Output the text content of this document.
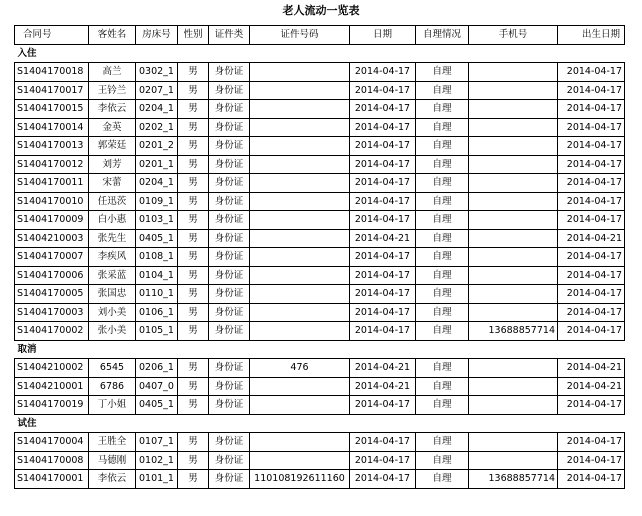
老人流动一览表
合同号	客姓名	房床号	性别	证件类	证件号码	日期	自理情况	手机号	出生日期
入住									
S1404170018	高兰	0302_1	男	身份证		2014-04-17	自理		2014-04-17
S1404170017	王钤兰	0207_1	男	身份证		2014-04-17	自理		2014-04-17
S1404170015	李依云	0204_1	男	身份证		2014-04-17	自理		2014-04-17
S1404170014	金英	0202_1	男	身份证		2014-04-17	自理		2014-04-17
S1404170013	郭荣廷	0201_2	男	身份证		2014-04-17	自理		2014-04-17
S1404170012	刘芳	0201_1	男	身份证		2014-04-17	自理		2014-04-17
S1404170011	宋蕾	0204_1	男	身份证		2014-04-17	自理		2014-04-17
S1404170010	任迅茨	0109_1	男	身份证		2014-04-17	自理		2014-04-17
S1404170009	白小惠	0103_1	男	身份证		2014-04-17	自理		2014-04-17
S1404210003	张先生	0405_1	男	身份证		2014-04-21	自理		2014-04-21
S1404170007	李疾风	0108_1	男	身份证		2014-04-17	自理		2014-04-17
S1404170006	张采蓝	0104_1	男	身份证		2014-04-17	自理		2014-04-17
S1404170005	张国忠	0110_1	男	身份证		2014-04-17	自理		2014-04-17
S1404170003	刘小美	0106_1	男	身份证		2014-04-17	自理		2014-04-17
S1404170002	张小美	0105_1	男	身份证		2014-04-17	自理	13688857714	2014-04-17
取消									
S1404210002	6545	0206_1	男	身份证	476	2014-04-21	自理		2014-04-21
S1404210001	6786	0407_0	男	身份证		2014-04-21	自理		2014-04-21
S1404170019	丁小姐	0405_1	男	身份证		2014-04-17	自理		2014-04-17
试住									
S1404170004	王胜全	0107_1	男	身份证		2014-04-17	自理		2014-04-17
S1404170008	马德刚	0102_1	男	身份证		2014-04-17	自理		2014-04-17
S1404170001	李依云	0101_1	男	身份证	110108192611160	2014-04-17	自理	13688857714	2014-04-17
